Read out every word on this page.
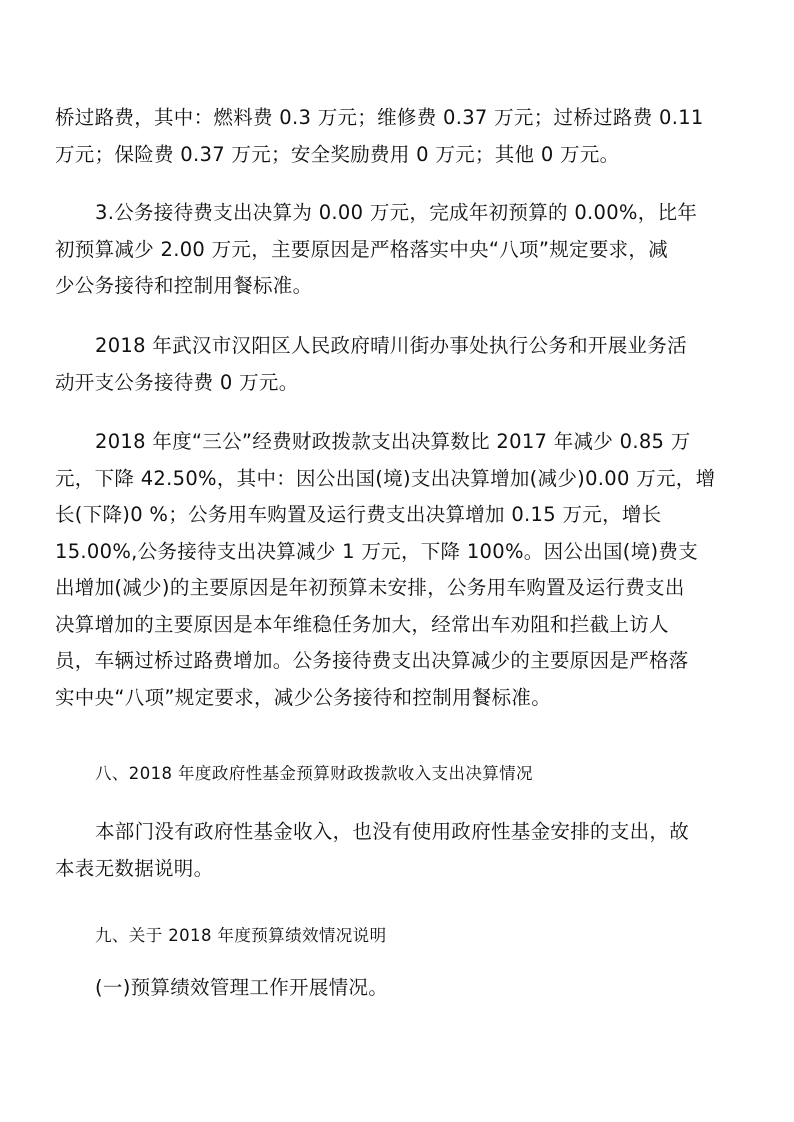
桥过路费，其中：燃料费 0.3 万元；维修费 0.37 万元；过桥过路费 0.11
万元；保险费 0.37 万元；安全奖励费用 0 万元；其他 0 万元。

3.公务接待费支出决算为 0.00 万元，完成年初预算的 0.00%，比年
初预算减少 2.00 万元，主要原因是严格落实中央“八项”规定要求，减
少公务接待和控制用餐标准。

2018 年武汉市汉阳区人民政府晴川街办事处执行公务和开展业务活
动开支公务接待费 0 万元。

2018 年度“三公”经费财政拨款支出决算数比 2017 年减少 0.85 万
元，下降 42.50%，其中：因公出国(境)支出决算增加(减少)0.00 万元，增
长(下降)0 %；公务用车购置及运行费支出决算增加 0.15 万元，增长
15.00%,公务接待支出决算减少 1 万元，下降 100%。因公出国(境)费支
出增加(减少)的主要原因是年初预算未安排，公务用车购置及运行费支出
决算增加的主要原因是本年维稳任务加大，经常出车劝阻和拦截上访人
员，车辆过桥过路费增加。公务接待费支出决算减少的主要原因是严格落
实中央“八项”规定要求，减少公务接待和控制用餐标准。

八、2018 年度政府性基金预算财政拨款收入支出决算情况

本部门没有政府性基金收入，也没有使用政府性基金安排的支出，故
本表无数据说明。

九、关于 2018 年度预算绩效情况说明

(一)预算绩效管理工作开展情况。
